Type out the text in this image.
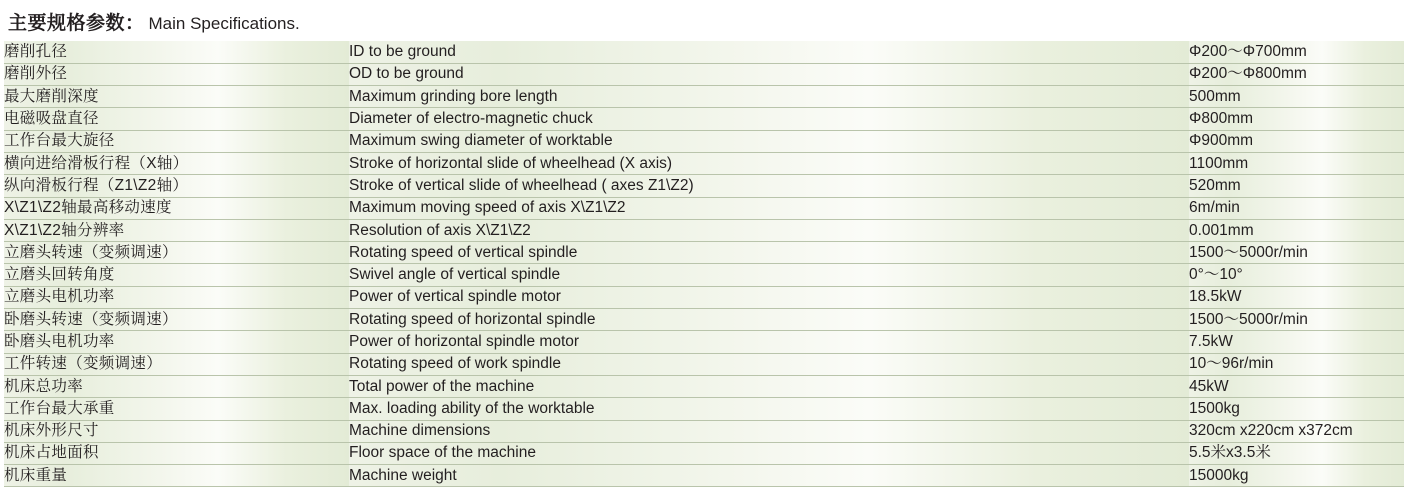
主要规格参数： Main Specifications.
磨削孔径	ID to be ground	Φ200～Φ700mm
磨削外径	OD to be ground	Φ200～Φ800mm
最大磨削深度	Maximum grinding bore length	500mm
电磁吸盘直径	Diameter of electro-magnetic chuck	Φ800mm
工作台最大旋径	Maximum swing diameter of worktable	Φ900mm
横向进给滑板行程（X轴）	Stroke of horizontal slide of wheelhead (X axis)	1100mm
纵向滑板行程（Z1\Z2轴）	Stroke of vertical slide of wheelhead ( axes Z1\Z2)	520mm
X\Z1\Z2轴最高移动速度	Maximum moving speed of axis X\Z1\Z2	6m/min
X\Z1\Z2轴分辨率	Resolution of axis X\Z1\Z2	0.001mm
立磨头转速（变频调速）	Rotating speed of vertical spindle	1500～5000r/min
立磨头回转角度	Swivel angle of vertical spindle	0°～10°
立磨头电机功率	Power of vertical spindle motor	18.5kW
卧磨头转速（变频调速）	Rotating speed of horizontal spindle	1500～5000r/min
卧磨头电机功率	Power of horizontal spindle motor	7.5kW
工件转速（变频调速）	Rotating speed of work spindle	10～96r/min
机床总功率	Total power of the machine	45kW
工作台最大承重	Max. loading ability of the worktable	1500kg
机床外形尺寸	Machine dimensions	320cm x220cm x372cm
机床占地面积	Floor space of the machine	5.5米x3.5米
机床重量	Machine weight	15000kg
